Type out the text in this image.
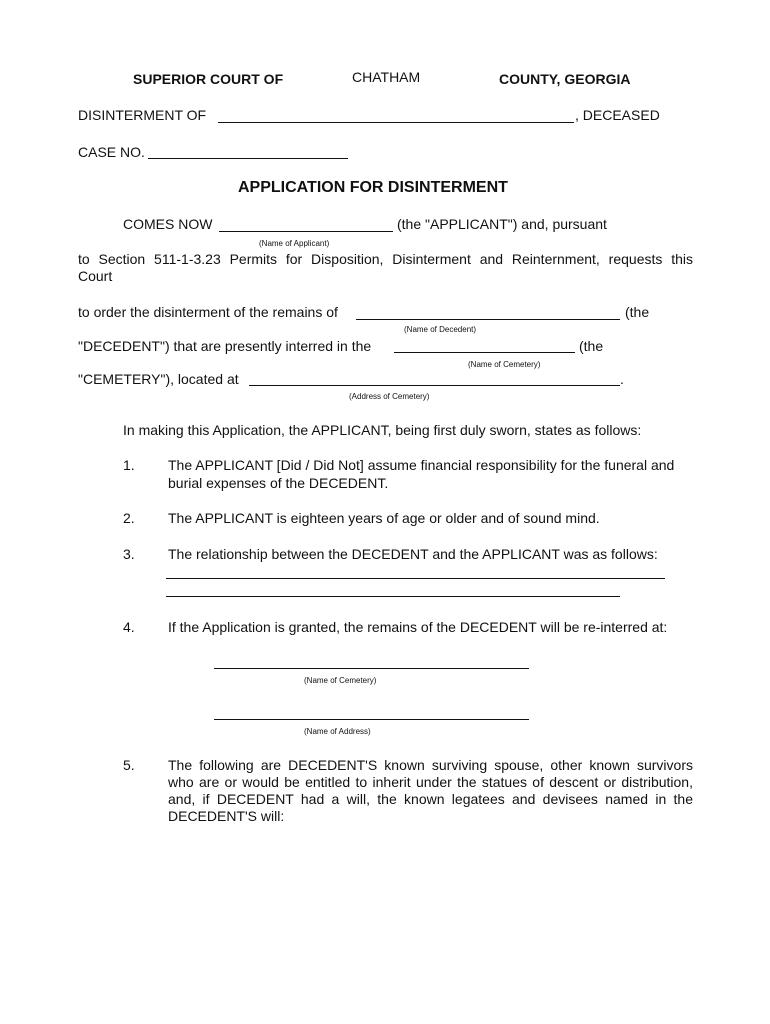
SUPERIOR COURT OF	CHATHAM	COUNTY, GEORGIA
DISINTERMENT OF	, DECEASED
CASE NO.
APPLICATION FOR DISINTERMENT
COMES NOW	(the "APPLICANT") and, pursuant
(Name of Applicant)
to Section 511-1-3.23 Permits for Disposition, Disinterment and Reinternment, requests this
Court
to order the disinterment of the remains of	(the
(Name of Decedent)
"DECEDENT") that are presently interred in the	(the
(Name of Cemetery)
"CEMETERY"), located at	.
(Address of Cemetery)
In making this Application, the APPLICANT, being first duly sworn, states as follows:
1. The APPLICANT [Did / Did Not] assume financial responsibility for the funeral and
burial expenses of the DECEDENT.
2. The APPLICANT is eighteen years of age or older and of sound mind.
3. The relationship between the DECEDENT and the APPLICANT was as follows:
4. If the Application is granted, the remains of the DECEDENT will be re-interred at:
(Name of Cemetery)
(Name of Address)
5. The following are DECEDENT'S known surviving spouse, other known survivors
who are or would be entitled to inherit under the statues of descent or distribution,
and, if DECEDENT had a will, the known legatees and devisees named in the
DECEDENT'S will:
